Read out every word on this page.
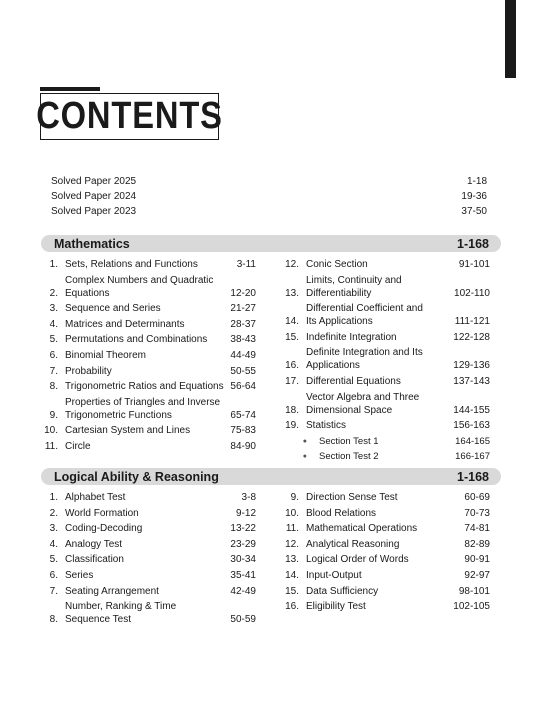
CONTENTS
Solved Paper 2025	1-18
Solved Paper 2024	19-36
Solved Paper 2023	37-50
Mathematics	1-168
1. Sets, Relations and Functions	3-11
2.
Complex Numbers and Quadratic
Equations	12-20
3. Sequence and Series	21-27
4. Matrices and Determinants	28-37
5. Permutations and Combinations	38-43
6. Binomial Theorem	44-49
7. Probability	50-55
8. Trigonometric Ratios and Equations 56-64
9.
Properties of Triangles and Inverse
Trigonometric Functions	65-74
10. Cartesian System and Lines	75-83
11. Circle	84-90
12. Conic Section	91-101
13.
Limits, Continuity and
Differentiability	102-110
14.
Differential Coefficient and
Its Applications	111-121
15. Indefinite Integration	122-128
16.
Definite Integration and Its
Applications	129-136
17. Differential Equations	137-143
18.
Vector Algebra and Three
Dimensional Space	144-155
19. Statistics	156-163
●	Section Test 1	164-165
●	Section Test 2	166-167
Logical Ability & Reasoning	1-168
1. Alphabet Test	3-8
2. World Formation	9-12
3. Coding-Decoding	13-22
4. Analogy Test	23-29
5. Classification	30-34
6. Series	35-41
7. Seating Arrangement	42-49
8.
Number, Ranking & Time
Sequence Test	50-59
9. Direction Sense Test	60-69
10. Blood Relations	70-73
11. Mathematical Operations	74-81
12. Analytical Reasoning	82-89
13. Logical Order of Words	90-91
14. Input-Output	92-97
15. Data Sufficiency	98-101
16. Eligibility Test	102-105
